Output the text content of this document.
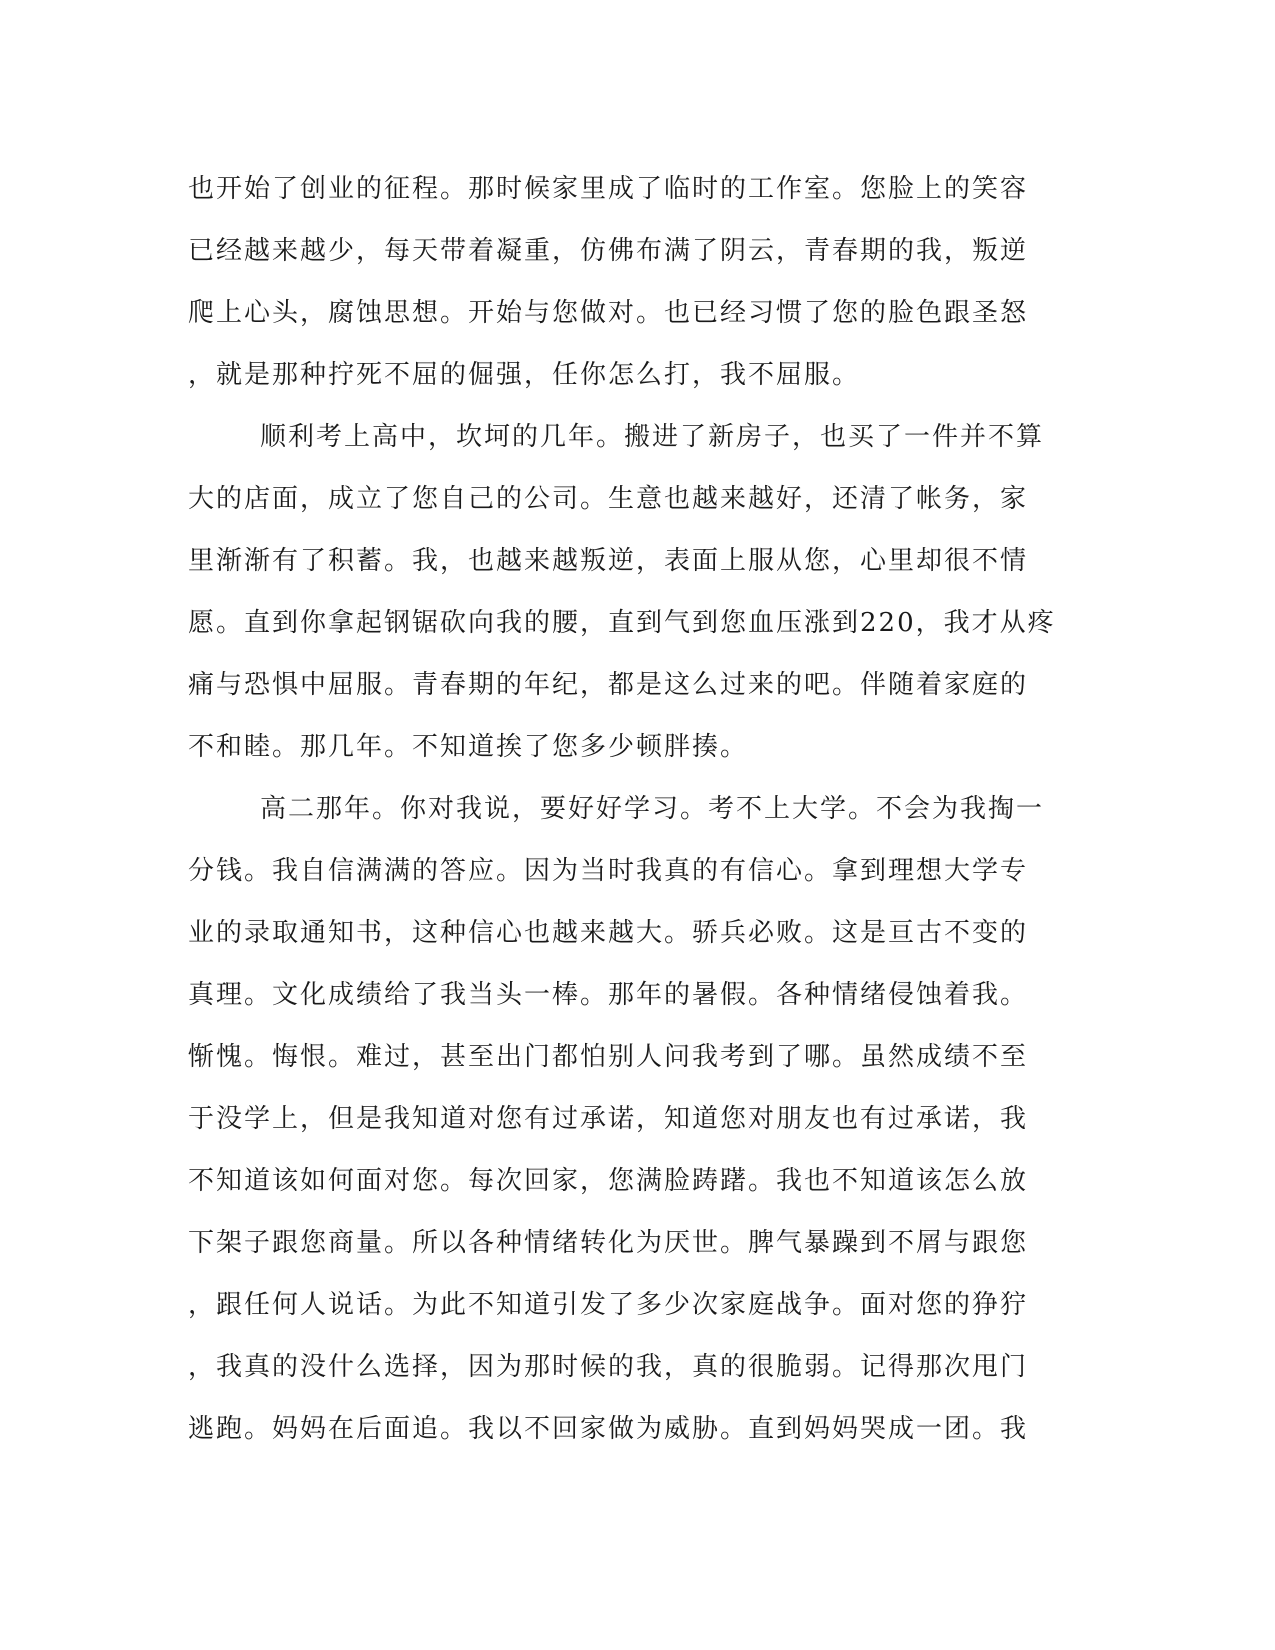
也开始了创业的征程。那时候家里成了临时的工作室。您脸上的笑容
已经越来越少，每天带着凝重，仿佛布满了阴云，青春期的我，叛逆
爬上心头，腐蚀思想。开始与您做对。也已经习惯了您的脸色跟圣怒
，就是那种拧死不屈的倔强，任你怎么打，我不屈服。
顺利考上高中，坎坷的几年。搬进了新房子，也买了一件并不算
大的店面，成立了您自己的公司。生意也越来越好，还清了帐务，家
里渐渐有了积蓄。我，也越来越叛逆，表面上服从您，心里却很不情
愿。直到你拿起钢锯砍向我的腰，直到气到您血压涨到220，我才从疼
痛与恐惧中屈服。青春期的年纪，都是这么过来的吧。伴随着家庭的
不和睦。那几年。不知道挨了您多少顿胖揍。
高二那年。你对我说，要好好学习。考不上大学。不会为我掏一
分钱。我自信满满的答应。因为当时我真的有信心。拿到理想大学专
业的录取通知书，这种信心也越来越大。骄兵必败。这是亘古不变的
真理。文化成绩给了我当头一棒。那年的暑假。各种情绪侵蚀着我。
惭愧。悔恨。难过，甚至出门都怕别人问我考到了哪。虽然成绩不至
于没学上，但是我知道对您有过承诺，知道您对朋友也有过承诺，我
不知道该如何面对您。每次回家，您满脸踌躇。我也不知道该怎么放
下架子跟您商量。所以各种情绪转化为厌世。脾气暴躁到不屑与跟您
，跟任何人说话。为此不知道引发了多少次家庭战争。面对您的狰狞
，我真的没什么选择，因为那时候的我，真的很脆弱。记得那次甩门
逃跑。妈妈在后面追。我以不回家做为威胁。直到妈妈哭成一团。我
